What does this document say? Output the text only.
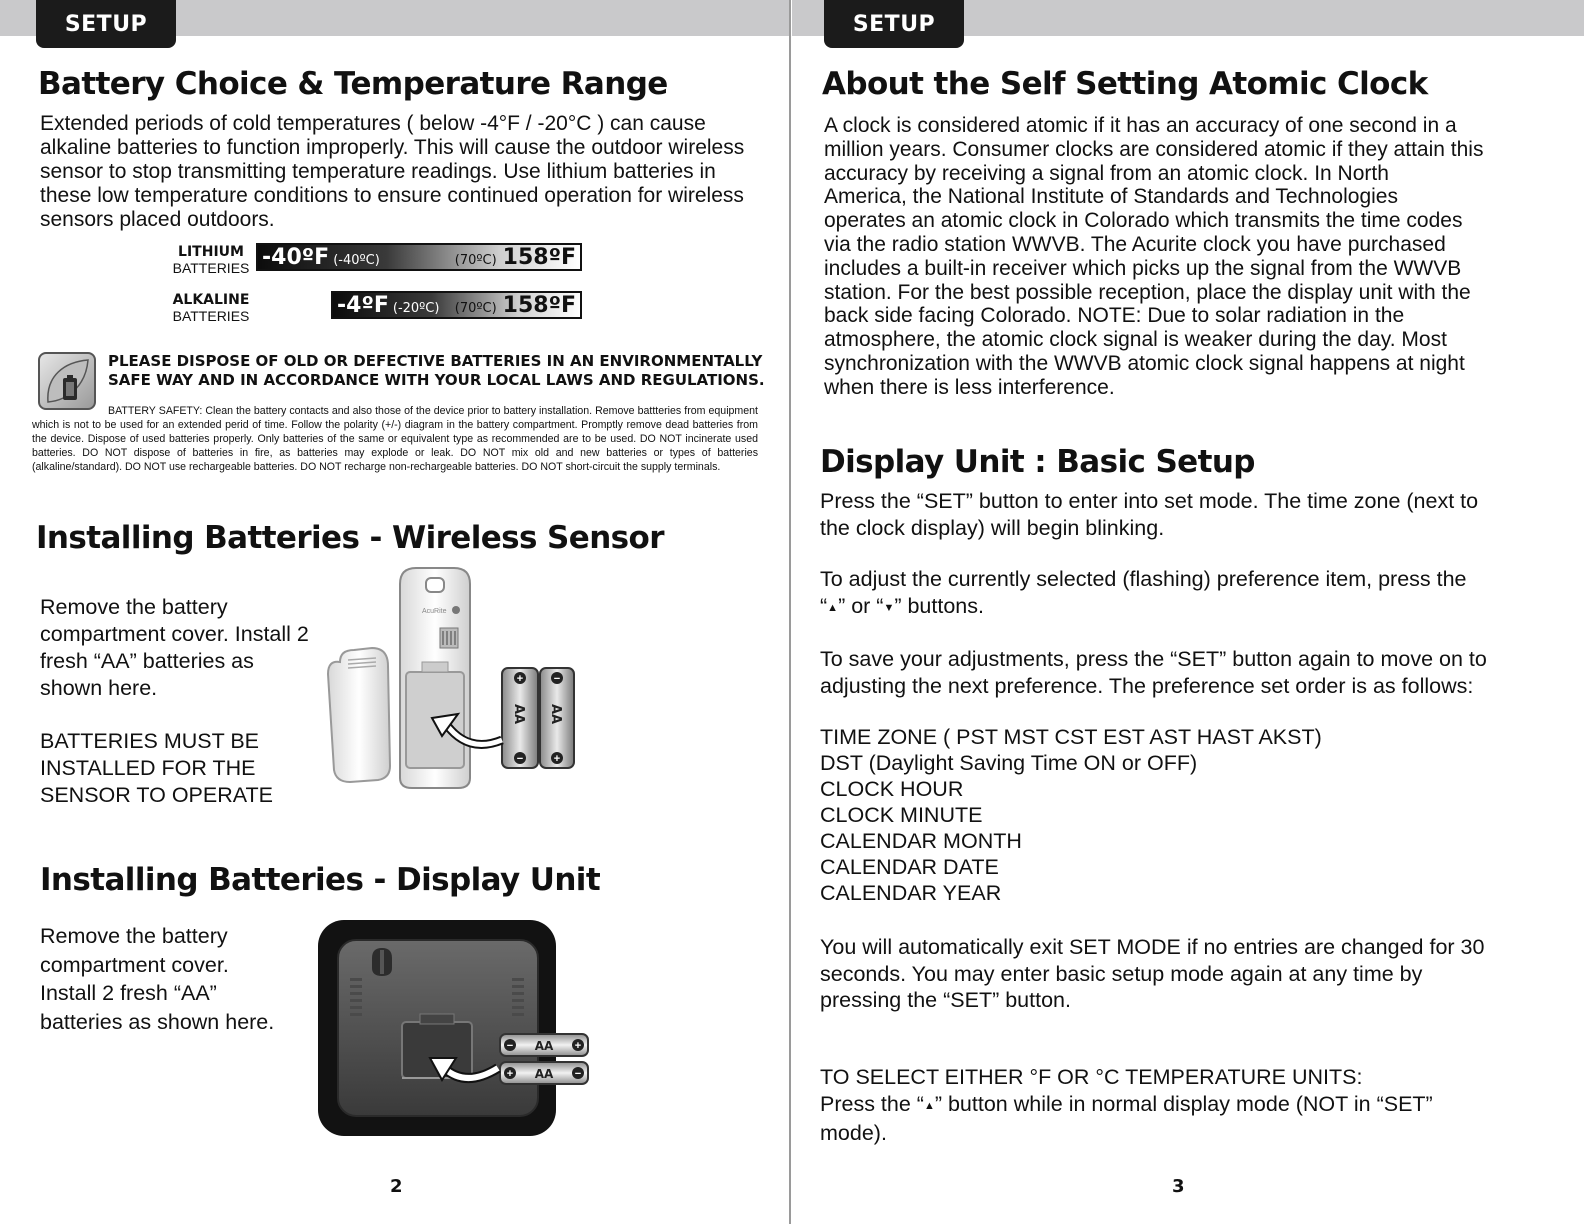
SETUP
Battery Choice & Temperature Range

Extended periods of cold temperatures ( below -4°F / -20°C ) can cause alkaline batteries to function improperly. This will cause the outdoor wireless sensor to stop transmitting temperature readings. Use lithium batteries in these low temperature conditions to ensure continued operation for wireless sensors placed outdoors.

LITHIUM
BATTERIES -40ºF (-40ºC)	(70ºC) 158ºF
ALKALINE
BATTERIES	-4ºF (-20ºC) (70ºC) 158ºF

PLEASE DISPOSE OF OLD OR DEFECTIVE BATTERIES IN AN ENVIRONMENTALLY SAFE WAY AND IN ACCORDANCE WITH YOUR LOCAL LAWS AND REGULATIONS.

BATTERY SAFETY: Clean the battery contacts and also those of the device prior to battery installation. Remove battteries from equipment which is not to be used for an extended perid of time. Follow the polarity (+/-) diagram in the battery compartment. Promptly remove dead batteries from the device. Dispose of used batteries properly. Only batteries of the same or equivalent type as recommended are to be used. DO NOT incinerate used batteries. DO NOT dispose of batteries in fire, as batteries may explode or leak. DO NOT mix old and new batteries or types of batteries (alkaline/standard). DO NOT use rechargeable batteries. DO NOT recharge non-rechargeable batteries. DO NOT short-circuit the supply terminals.

Installing Batteries - Wireless Sensor

Remove the battery compartment cover. Install 2 fresh “AA” batteries as shown here.

BATTERIES MUST BE INSTALLED FOR THE SENSOR TO OPERATE

AcuRite
+
−
−
+
AA AA
Installing Batteries - Display Unit

Remove the battery compartment cover. Install 2 fresh “AA” batteries as shown here.

−	+
+	−
AA
AA
2
SETUP
About the Self Setting Atomic Clock

A clock is considered atomic if it has an accuracy of one second in a
million years. Consumer clocks are considered atomic if they attain this
accuracy by receiving a signal from an atomic clock. In North
America, the National Institute of Standards and Technologies
operates an atomic clock in Colorado which transmits the time codes
via the radio station WWVB. The Acurite clock you have purchased
includes a built-in receiver which picks up the signal from the WWVB
station. For the best possible reception, place the display unit with the
back side facing Colorado. NOTE: Due to solar radiation in the
atmosphere, the atomic clock signal is weaker during the day. Most
synchronization with the WWVB atomic clock signal happens at night
when there is less interference.

Display Unit : Basic Setup

Press the “SET” button to enter into set mode. The time zone (next to
the clock display) will begin blinking.

To adjust the currently selected (flashing) preference item, press the
“▲” or “▼” buttons.

To save your adjustments, press the “SET” button again to move on to
adjusting the next preference. The preference set order is as follows:

TIME ZONE ( PST MST CST EST AST HAST AKST)
DST (Daylight Saving Time ON or OFF)
CLOCK HOUR
CLOCK MINUTE
CALENDAR MONTH
CALENDAR DATE
CALENDAR YEAR

You will automatically exit SET MODE if no entries are changed for 30
seconds. You may enter basic setup mode again at any time by
pressing the “SET” button.

TO SELECT EITHER °F OR °C TEMPERATURE UNITS:

Press the “▲” button while in normal display mode (NOT in “SET”
mode).

3
